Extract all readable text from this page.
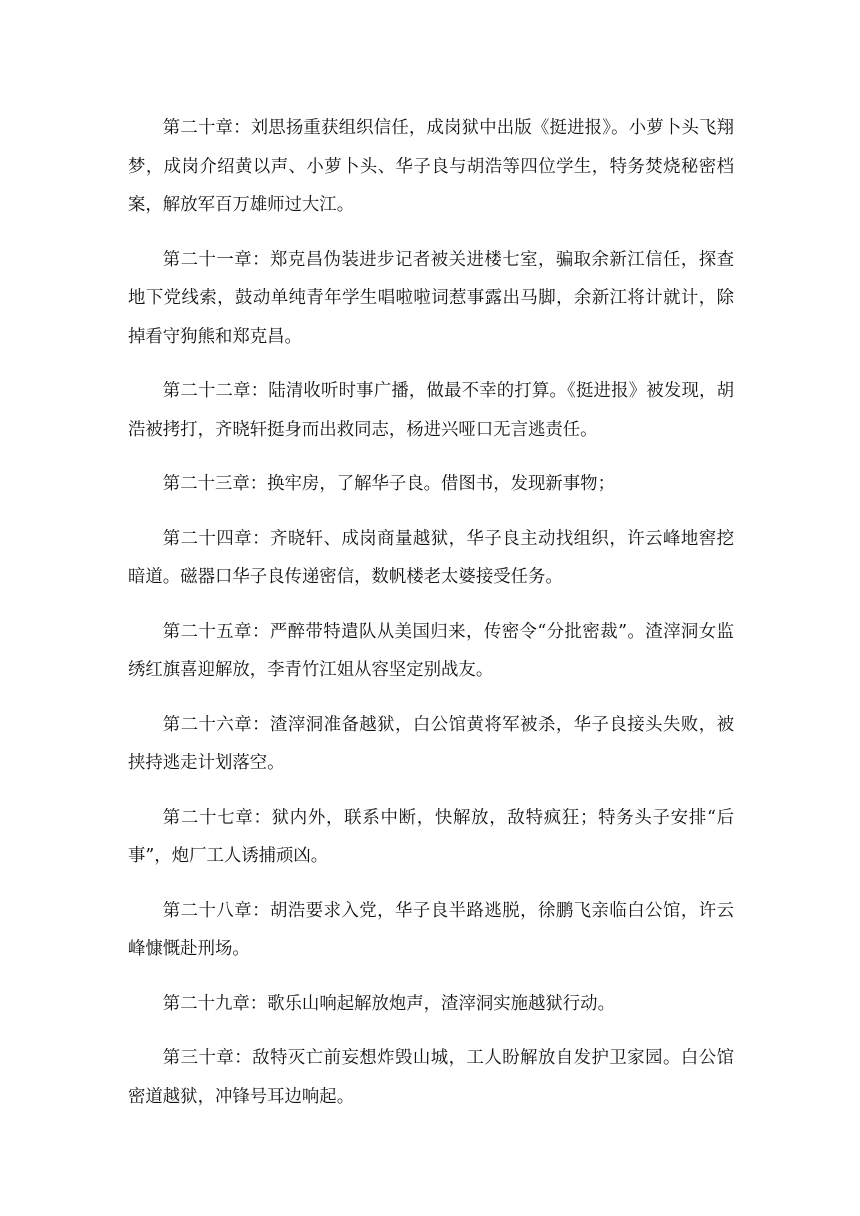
第二十章：刘思扬重获组织信任，成岗狱中出版《挺进报》。小萝卜头飞翔梦，成岗介绍黄以声、小萝卜头、华子良与胡浩等四位学生，特务焚烧秘密档案，解放军百万雄师过大江。

第二十一章：郑克昌伪装进步记者被关进楼七室，骗取余新江信任，探查地下党线索，鼓动单纯青年学生唱啦啦词惹事露出马脚，余新江将计就计，除掉看守狗熊和郑克昌。

第二十二章：陆清收听时事广播，做最不幸的打算。《挺进报》被发现，胡浩被拷打，齐晓轩挺身而出救同志，杨进兴哑口无言逃责任。

第二十三章：换牢房，了解华子良。借图书，发现新事物；

第二十四章：齐晓轩、成岗商量越狱，华子良主动找组织，许云峰地窖挖暗道。磁器口华子良传递密信，数帆楼老太婆接受任务。

第二十五章：严醉带特遣队从美国归来，传密令“分批密裁”。渣滓洞女监绣红旗喜迎解放，李青竹江姐从容坚定别战友。

第二十六章：渣滓洞准备越狱，白公馆黄将军被杀，华子良接头失败，被挟持逃走计划落空。

第二十七章：狱内外，联系中断，快解放，敌特疯狂；特务头子安排“后事”，炮厂工人诱捕顽凶。

第二十八章：胡浩要求入党，华子良半路逃脱，徐鹏飞亲临白公馆，许云峰慷慨赴刑场。

第二十九章：歌乐山响起解放炮声，渣滓洞实施越狱行动。

第三十章：敌特灭亡前妄想炸毁山城，工人盼解放自发护卫家园。白公馆密道越狱，冲锋号耳边响起。
